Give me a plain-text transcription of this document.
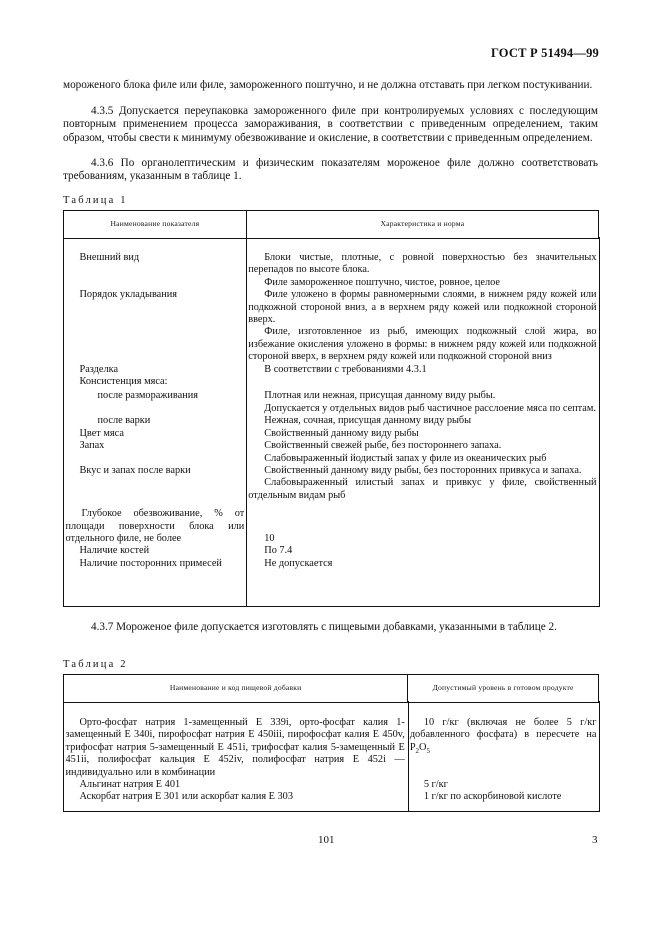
ГОСТ Р 51494—99
мороженого блока филе или филе, замороженного поштучно, и не должна отставать при легком постукивании.
4.3.5 Допускается переупаковка замороженного филе при контролируемых условиях с последующим повторным применением процесса замораживания, в соответствии с приведенным определением, таким образом, чтобы свести к минимуму обезвоживание и окисление, в соответствии с приведенным определением.
4.3.6 По органолептическим и физическим показателям мороженое филе должно соответствовать требованиям, указанным в таблице 1.
Таблица 1
Наименование показателя	Характеристика и норма

Внешний вид	Блоки чистые, плотные, с ровной поверхностью без значительных перепадов по высоте блока.
Филе замороженное поштучно, чистое, ровное, целое

Порядок укладывания	Филе уложено в формы равномерными слоями, в нижнем ряду кожей или подкожной стороной вниз, а в верхнем ряду кожей или подкожной стороной вверх.
Филе, изготовленное из рыб, имеющих подкожный слой жира, во избежание окисления уложено в формы: в нижнем ряду кожей или подкожной стороной вверх, в верхнем ряду кожей или подкожной стороной вниз

Разделка	В соответствии с требованиями 4.3.1

Консистенция мяса:	

после размораживания	Плотная или нежная, присущая данному виду рыбы.
Допускается у отдельных видов рыб частичное расслоение мяса по септам.

после варки	Нежная, сочная, присущая данному виду рыбы

Цвет мяса	Свойственный данному виду рыбы

Запах	Свойственный свежей рыбе, без постороннего запаха.
Слабовыраженный йодистый запах у филе из океанических рыб

Вкус и запах после варки	Свойственный данному виду рыбы, без посторонних привкуса и запаха.
Слабовыраженный илистый запах и привкус у филе, свойственный отдельным видам рыб

Глубокое обезвоживание, % от площади поверхности блока или отдельного филе, не более	10

Наличие костей	По 7.4

Наличие посторонних примесей	Не допускается
4.3.7 Мороженое филе допускается изготовлять с пищевыми добавками, указанными в таблице 2.
Таблица 2
Наименование и код пищевой добавки	Допустимый уровень в готовом продукте

Орто-фосфат натрия 1-замещенный Е 339i, орто-фосфат калия 1-замещенный Е 340i, пирофосфат натрия Е 450iii, пирофосфат калия Е 450v, трифосфат натрия 5-замещенный Е 451i, трифосфат калия 5-замещенный Е 451ii, полифосфат кальция Е 452iv, полифосфат натрия Е 452i — индивидуально или в комбинации	10 г/кг (включая не более 5 г/кг добавленного фосфата) в пересчете на $Р_2О_5$
Альгинат натрия Е 401	5 г/кг
Аскорбат натрия Е 301 или аскорбат калия Е 303	1 г/кг по аскорбиновой кислоте
101	3
